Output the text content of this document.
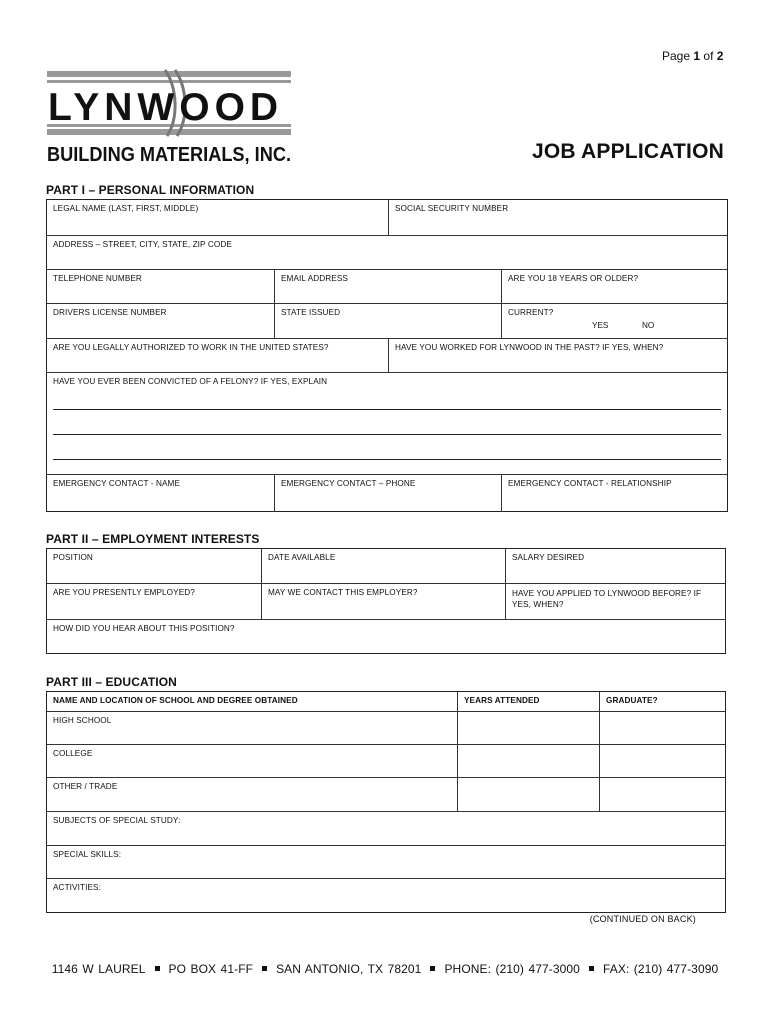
Page 1 of 2
LYNWOOD
BUILDING MATERIALS, INC.	JOB APPLICATION
PART I – PERSONAL INFORMATION
LEGAL NAME (LAST, FIRST, MIDDLE)	SOCIAL SECURITY NUMBER
ADDRESS – STREET, CITY, STATE, ZIP CODE
TELEPHONE NUMBER	EMAIL ADDRESS	ARE YOU 18 YEARS OR OLDER?
DRIVERS LICENSE NUMBER	STATE ISSUED	CURRENT?
YES	NO
ARE YOU LEGALLY AUTHORIZED TO WORK IN THE UNITED STATES?	HAVE YOU WORKED FOR LYNWOOD IN THE PAST? IF YES, WHEN?
HAVE YOU EVER BEEN CONVICTED OF A FELONY? IF YES, EXPLAIN
EMERGENCY CONTACT - NAME	EMERGENCY CONTACT – PHONE	EMERGENCY CONTACT - RELATIONSHIP
PART II – EMPLOYMENT INTERESTS
POSITION	DATE AVAILABLE	SALARY DESIRED
ARE YOU PRESENTLY EMPLOYED?	MAY WE CONTACT THIS EMPLOYER?	HAVE YOU APPLIED TO LYNWOOD BEFORE? IF YES, WHEN?
HOW DID YOU HEAR ABOUT THIS POSITION?
PART III – EDUCATION
NAME AND LOCATION OF SCHOOL AND DEGREE OBTAINED	YEARS ATTENDED	GRADUATE?
HIGH SCHOOL
COLLEGE
OTHER / TRADE
SUBJECTS OF SPECIAL STUDY:
SPECIAL SKILLS:
ACTIVITIES:
(CONTINUED ON BACK)
1146 W LAUREL PO BOX 41-FF SAN ANTONIO, TX 78201 PHONE: (210) 477-3000 FAX: (210) 477-3090
